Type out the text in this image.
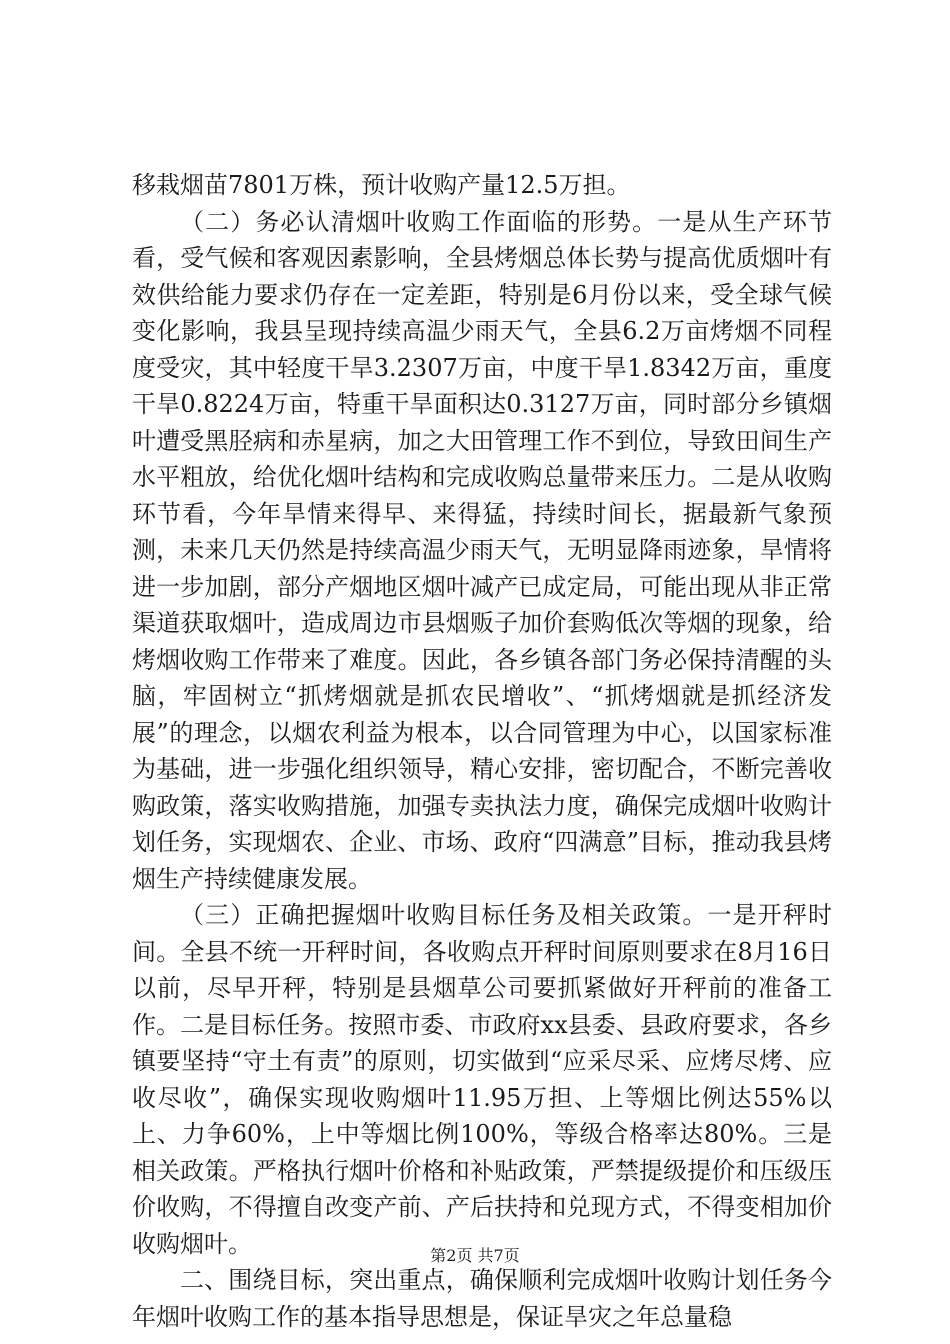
移栽烟苗7801万株，预计收购产量12.5万担。

（二）务必认清烟叶收购工作面临的形势。一是从生产环节看，受气候和客观因素影响，全县烤烟总体长势与提高优质烟叶有效供给能力要求仍存在一定差距，特别是6月份以来，受全球气候变化影响，我县呈现持续高温少雨天气，全县6.2万亩烤烟不同程度受灾，其中轻度干旱3.2307万亩，中度干旱1.8342万亩，重度干旱0.8224万亩，特重干旱面积达0.3127万亩，同时部分乡镇烟叶遭受黑胫病和赤星病，加之大田管理工作不到位，导致田间生产水平粗放，给优化烟叶结构和完成收购总量带来压力。二是从收购环节看，今年旱情来得早、来得猛，持续时间长，据最新气象预测，未来几天仍然是持续高温少雨天气，无明显降雨迹象，旱情将进一步加剧，部分产烟地区烟叶减产已成定局，可能出现从非正常渠道获取烟叶，造成周边市县烟贩子加价套购低次等烟的现象，给烤烟收购工作带来了难度。因此，各乡镇各部门务必保持清醒的头脑，牢固树立“抓烤烟就是抓农民增收”、“抓烤烟就是抓经济发展”的理念，以烟农利益为根本，以合同管理为中心，以国家标准为基础，进一步强化组织领导，精心安排，密切配合，不断完善收购政策，落实收购措施，加强专卖执法力度，确保完成烟叶收购计划任务，实现烟农、企业、市场、政府“四满意”目标，推动我县烤烟生产持续健康发展。

（三）正确把握烟叶收购目标任务及相关政策。一是开秤时间。全县不统一开秤时间，各收购点开秤时间原则要求在8月16日以前，尽早开秤，特别是县烟草公司要抓紧做好开秤前的准备工作。二是目标任务。按照市委、市政府xx县委、县政府要求，各乡镇要坚持“守土有责”的原则，切实做到“应采尽采、应烤尽烤、应收尽收”，确保实现收购烟叶11.95万担、上等烟比例达55%以上、力争60%，上中等烟比例100%，等级合格率达80%。三是相关政策。严格执行烟叶价格和补贴政策，严禁提级提价和压级压价收购，不得擅自改变产前、产后扶持和兑现方式，不得变相加价收购烟叶。

二、围绕目标，突出重点，确保顺利完成烟叶收购计划任务今年烟叶收购工作的基本指导思想是，保证旱灾之年总量稳

第2页 共7页
